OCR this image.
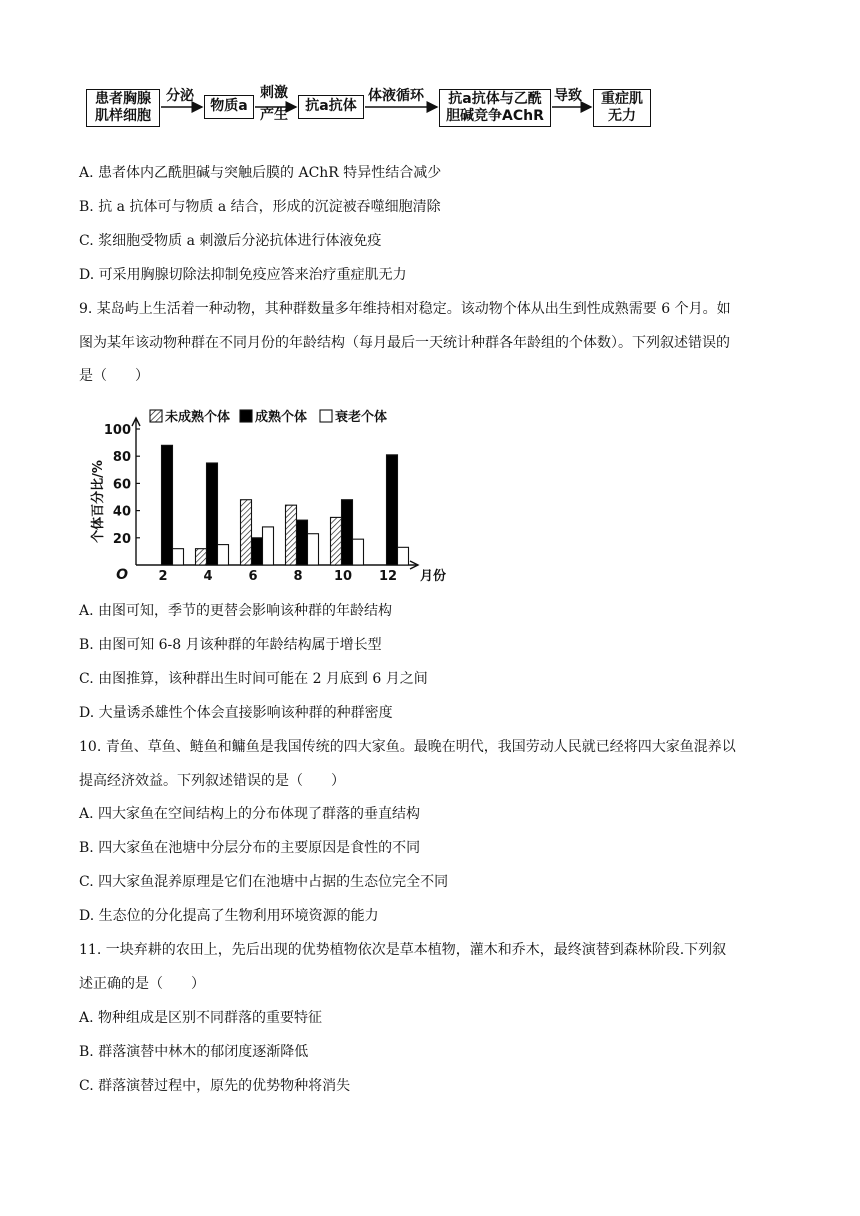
患者胸腺肌样细胞
分泌
物质a
刺激产生
抗a抗体
体液循环	抗a抗体与乙酰胆碱竞争AChR
导致	重症肌无力
A. 患者体内乙酰胆碱与突触后膜的 AChR 特异性结合减少
B. 抗 a 抗体可与物质 a 结合，形成的沉淀被吞噬细胞清除
C. 浆细胞受物质 a 刺激后分泌抗体进行体液免疫
D. 可采用胸腺切除法抑制免疫应答来治疗重症肌无力
9. 某岛屿上生活着一种动物，其种群数量多年维持相对稳定。该动物个体从出生到性成熟需要 6 个月。如
图为某年该动物种群在不同月份的年龄结构（每月最后一天统计种群各年龄组的个体数）。下列叙述错误的
是（　　）
未成熟个体 成熟个体 衰老个体
20
40
60
80
100
O
个体百分比/%
2	4	6	8 10 12 月份
A. 由图可知，季节的更替会影响该种群的年龄结构
B. 由图可知 6-8 月该种群的年龄结构属于增长型
C. 由图推算，该种群出生时间可能在 2 月底到 6 月之间
D. 大量诱杀雄性个体会直接影响该种群的种群密度
10. 青鱼、草鱼、鲢鱼和鳙鱼是我国传统的四大家鱼。最晚在明代，我国劳动人民就已经将四大家鱼混养以
提高经济效益。下列叙述错误的是（　　）
A. 四大家鱼在空间结构上的分布体现了群落的垂直结构
B. 四大家鱼在池塘中分层分布的主要原因是食性的不同
C. 四大家鱼混养原理是它们在池塘中占据的生态位完全不同
D. 生态位的分化提高了生物利用环境资源的能力
11. 一块弃耕的农田上，先后出现的优势植物依次是草本植物，灌木和乔木，最终演替到森林阶段.下列叙
述正确的是（　　）
A. 物种组成是区别不同群落的重要特征
B. 群落演替中林木的郁闭度逐渐降低
C. 群落演替过程中，原先的优势物种将消失
